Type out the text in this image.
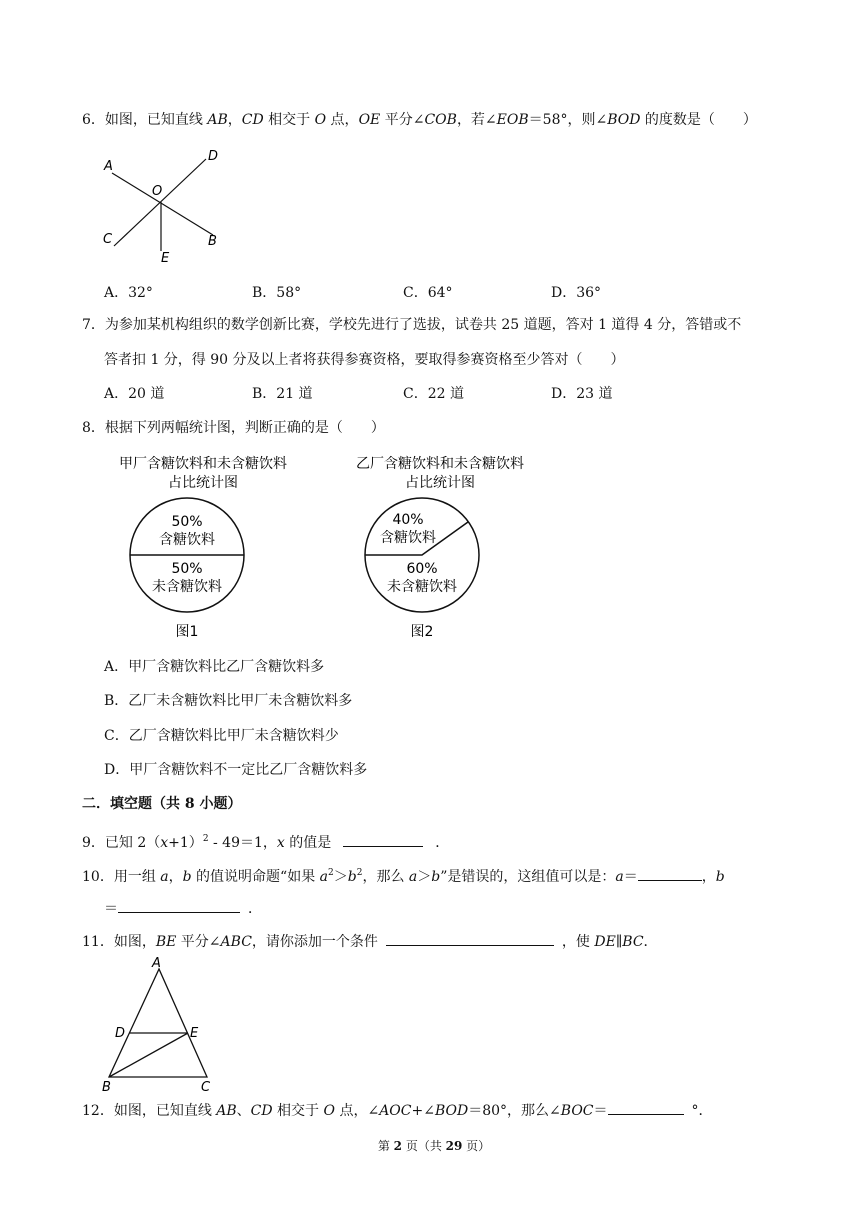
6．如图，已知直线 AB，CD 相交于 O 点，OE 平分∠COB，若∠EOB＝58°，则∠BOD 的度数是（　　）
A
D
O
C	B
E
A．32°	B．58°	C．64°	D．36°
7．为参加某机构组织的数学创新比赛，学校先进行了选拔，试卷共 25 道题，答对 1 道得 4 分，答错或不
答者扣 1 分，得 90 分及以上者将获得参赛资格，要取得参赛资格至少答对（　　）
A．20 道	B．21 道	C．22 道	D．23 道
8．根据下列两幅统计图，判断正确的是（　　）
甲厂含糖饮料和未含糖饮料
占比统计图
50%
含糖饮料
50%
未含糖饮料
图1
乙厂含糖饮料和未含糖饮料
占比统计图
40%
含糖饮料
60%
未含糖饮料
图2
A．甲厂含糖饮料比乙厂含糖饮料多
B．乙厂未含糖饮料比甲厂未含糖饮料多
C．乙厂含糖饮料比甲厂未含糖饮料少
D．甲厂含糖饮料不一定比乙厂含糖饮料多
二．填空题（共 8 小题）
9．已知 $2(x+1)^2 - 49=1$，x 的值是	．
10．用一组 a，b 的值说明命题“如果 $a^2>b^2$，那么 a＞b”是错误的，这组值可以是：a＝	，b
＝	．
11．如图，BE 平分∠ABC，请你添加一个条件	，使 DE∥BC．
A
D	E
B	C
12．如图，已知直线 AB、CD 相交于 O 点，∠AOC+∠BOD＝80°，那么∠BOC＝	°．
第 2 页（共 29 页）
